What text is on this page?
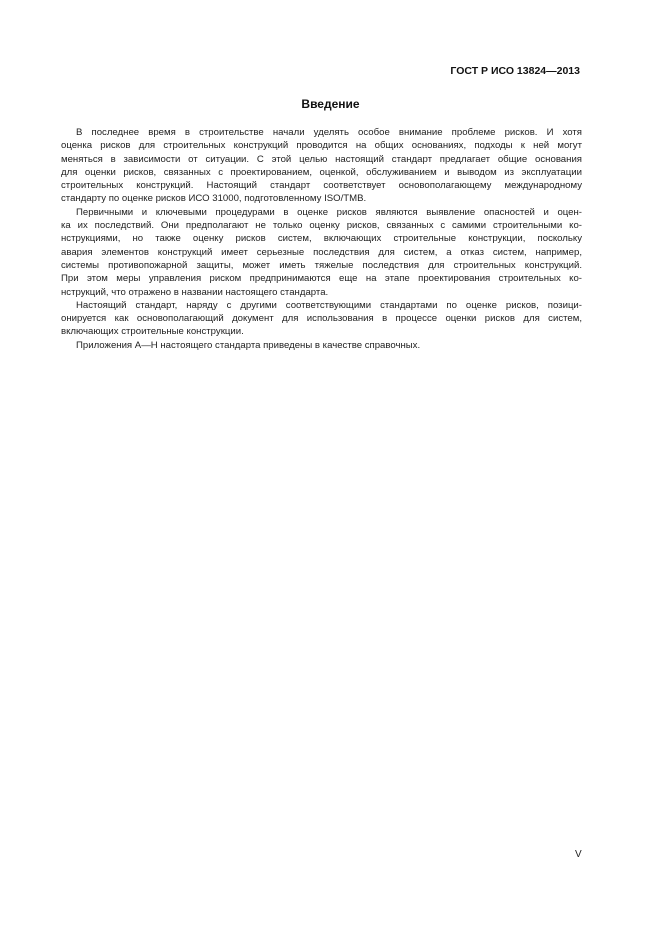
ГОСТ Р ИСО 13824—2013
Введение
В последнее время в строительстве начали уделять особое внимание проблеме рисков. И хотя
оценка рисков для строительных конструкций проводится на общих основаниях, подходы к ней могут
меняться в зависимости от ситуации. С этой целью настоящий стандарт предлагает общие основания
для оценки рисков, связанных с проектированием, оценкой, обслуживанием и выводом из эксплуатации
строительных конструкций. Настоящий стандарт соответствует основополагающему международному
стандарту по оценке рисков ИСО 31000, подготовленному ISO/TMB.
Первичными и ключевыми процедурами в оценке рисков являются выявление опасностей и оцен-
ка их последствий. Они предполагают не только оценку рисков, связанных с самими строительными ко-
нструкциями, но также оценку рисков систем, включающих строительные конструкции, поскольку
авария элементов конструкций имеет серьезные последствия для систем, а отказ систем, например,
системы противопожарной защиты, может иметь тяжелые последствия для строительных конструкций.
При этом меры управления риском предпринимаются еще на этапе проектирования строительных ко-
нструкций, что отражено в названии настоящего стандарта.
Настоящий стандарт, наряду с другими соответствующими стандартами по оценке рисков, позици-
онируется как основополагающий документ для использования в процессе оценки рисков для систем,
включающих строительные конструкции.
Приложения А—Н настоящего стандарта приведены в качестве справочных.
V
